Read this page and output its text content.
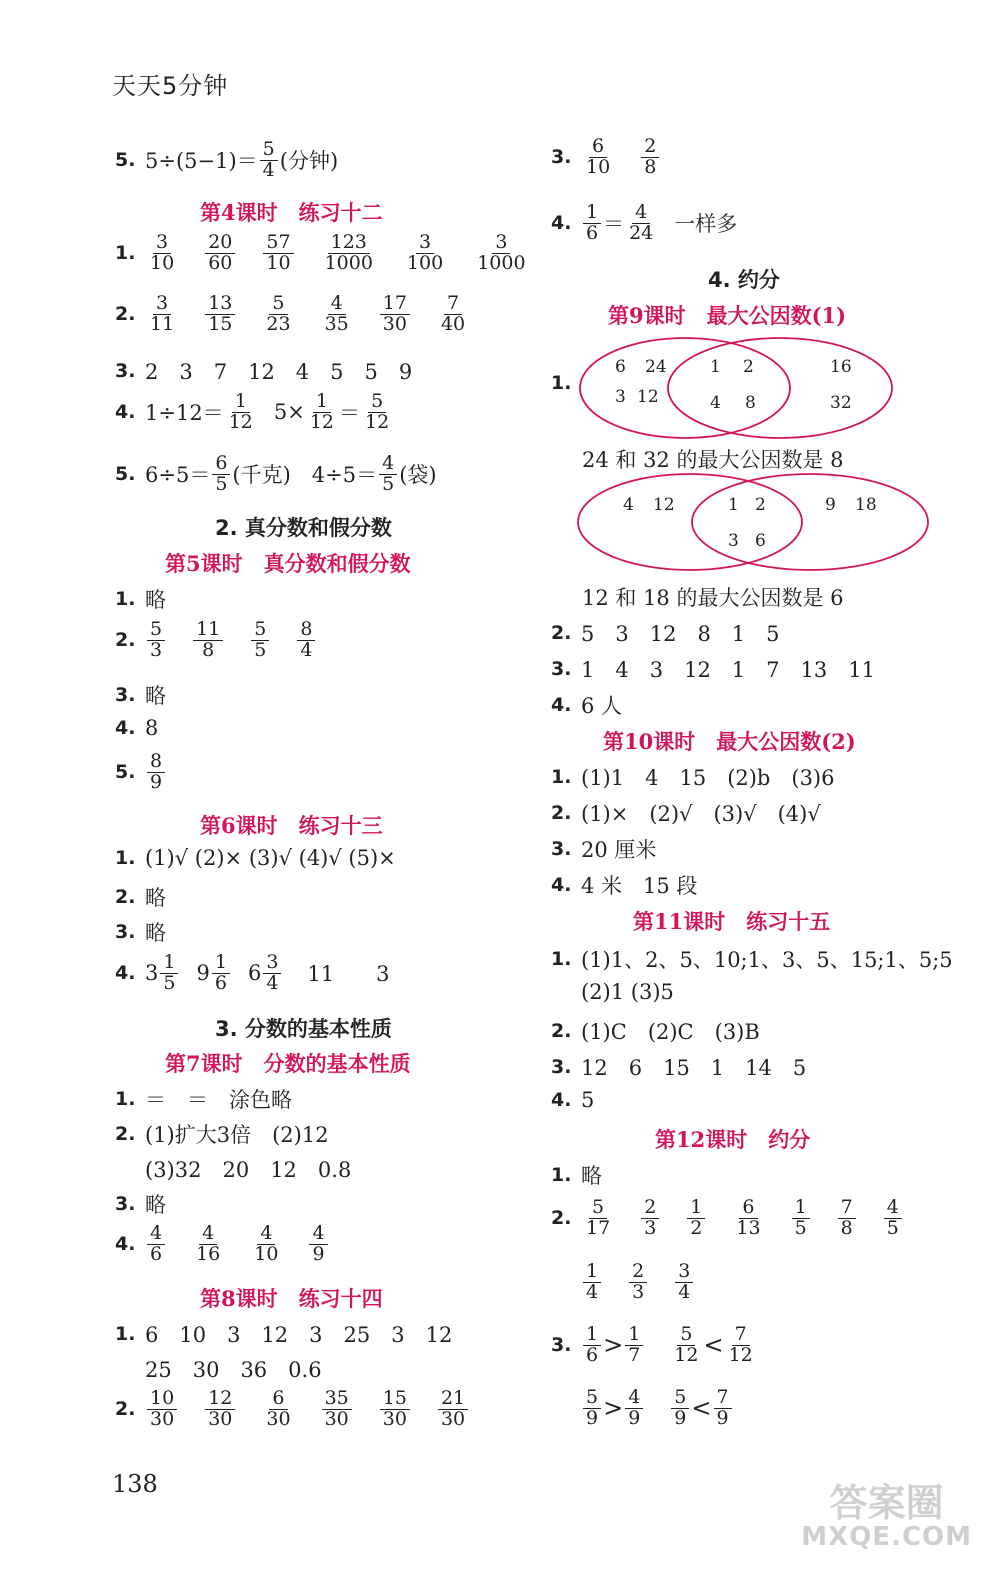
天天5分钟
5. $5\div(5-1)= \frac{5}{4}$ (分钟)
第4课时　练习十二
1. $\frac{3}{10} \frac{20}{60} \frac{57}{10} \frac{123}{1000} \frac{3}{100} \frac{3}{1000}$
2. $\frac{3}{11} \frac{13}{15} \frac{5}{23} \frac{4}{35} \frac{17}{30} \frac{7}{40}$
3. 2　3　7　12　4　5　5　9
4. $1\div 12= \frac{1}{12} 5\times \frac{1}{12} = \frac{5}{12}$
5. $6\div 5= \frac{6}{5}$ (千克)　$4\div 5= \frac{4}{5}$ (袋)
2. 真分数和假分数
第5课时　真分数和假分数
1. 略
2. $\frac{5}{3} \frac{11}{8} \frac{5}{5} \frac{8}{4}$
3. 略
4. 8
5. $\frac{8}{9}$
第6课时　练习十三
1. (1)√ (2)× (3)√ (4)√ (5)×
2. 略
3. 略
4. $3 \frac{1}{5} 9 \frac{1}{6} 6 \frac{3}{4} 11$　　3
3. 分数的基本性质
第7课时　分数的基本性质
1. ＝　＝　涂色略
2. (1)扩大3倍　(2)12
(3)32　20　12　0.8
3. 略
4. $\frac{4}{6} \frac{4}{16} \frac{4}{10} \frac{4}{9}$
第8课时　练习十四
1. 6　10　3　12　3　25　3　12
25　30　36　0.6
2. $\frac{10}{30} \frac{12}{30} \frac{6}{30} \frac{35}{30} \frac{15}{30} \frac{21}{30}$
138
3. $\frac{6}{10} \frac{2}{8}$
4. $\frac{1}{6} = \frac{4}{24}$ 一样多
4. 约分
第9课时　最大公因数(1)
1.
6 24
3 12
1 2
4 8
16
32
24 和 32 的最大公因数是 8
4 12	1 2
3 6
9 18
12 和 18 的最大公因数是 6
2. 5　3　12　8　1　5
3. 1　4　3　12　1　7　13　11
4. 6 人
第10课时　最大公因数(2)
1. (1)1　4　15　(2)b　(3)6
2. (1)×　(2)√　(3)√　(4)√
3. 20 厘米
4. 4 米　15 段
第11课时　练习十五
1. (1)1、2、5、10;1、3、5、15;1、5;5
(2)1 (3)5
2. (1)C　(2)C　(3)B
3. 12　6　15　1　14　5
4. 5
第12课时　约分
1. 略
2. $\frac{5}{17} \frac{2}{3} \frac{1}{2} \frac{6}{13} \frac{1}{5} \frac{7}{8} \frac{4}{5}$
$\frac{1}{4} \frac{2}{3} \frac{3}{4}$
3. $\frac{1}{6} > \frac{1}{7} \frac{5}{12} < \frac{7}{12}$
$\frac{5}{9} > \frac{4}{9} \frac{5}{9} < \frac{7}{9}$
答案圈
MXQE.COM
